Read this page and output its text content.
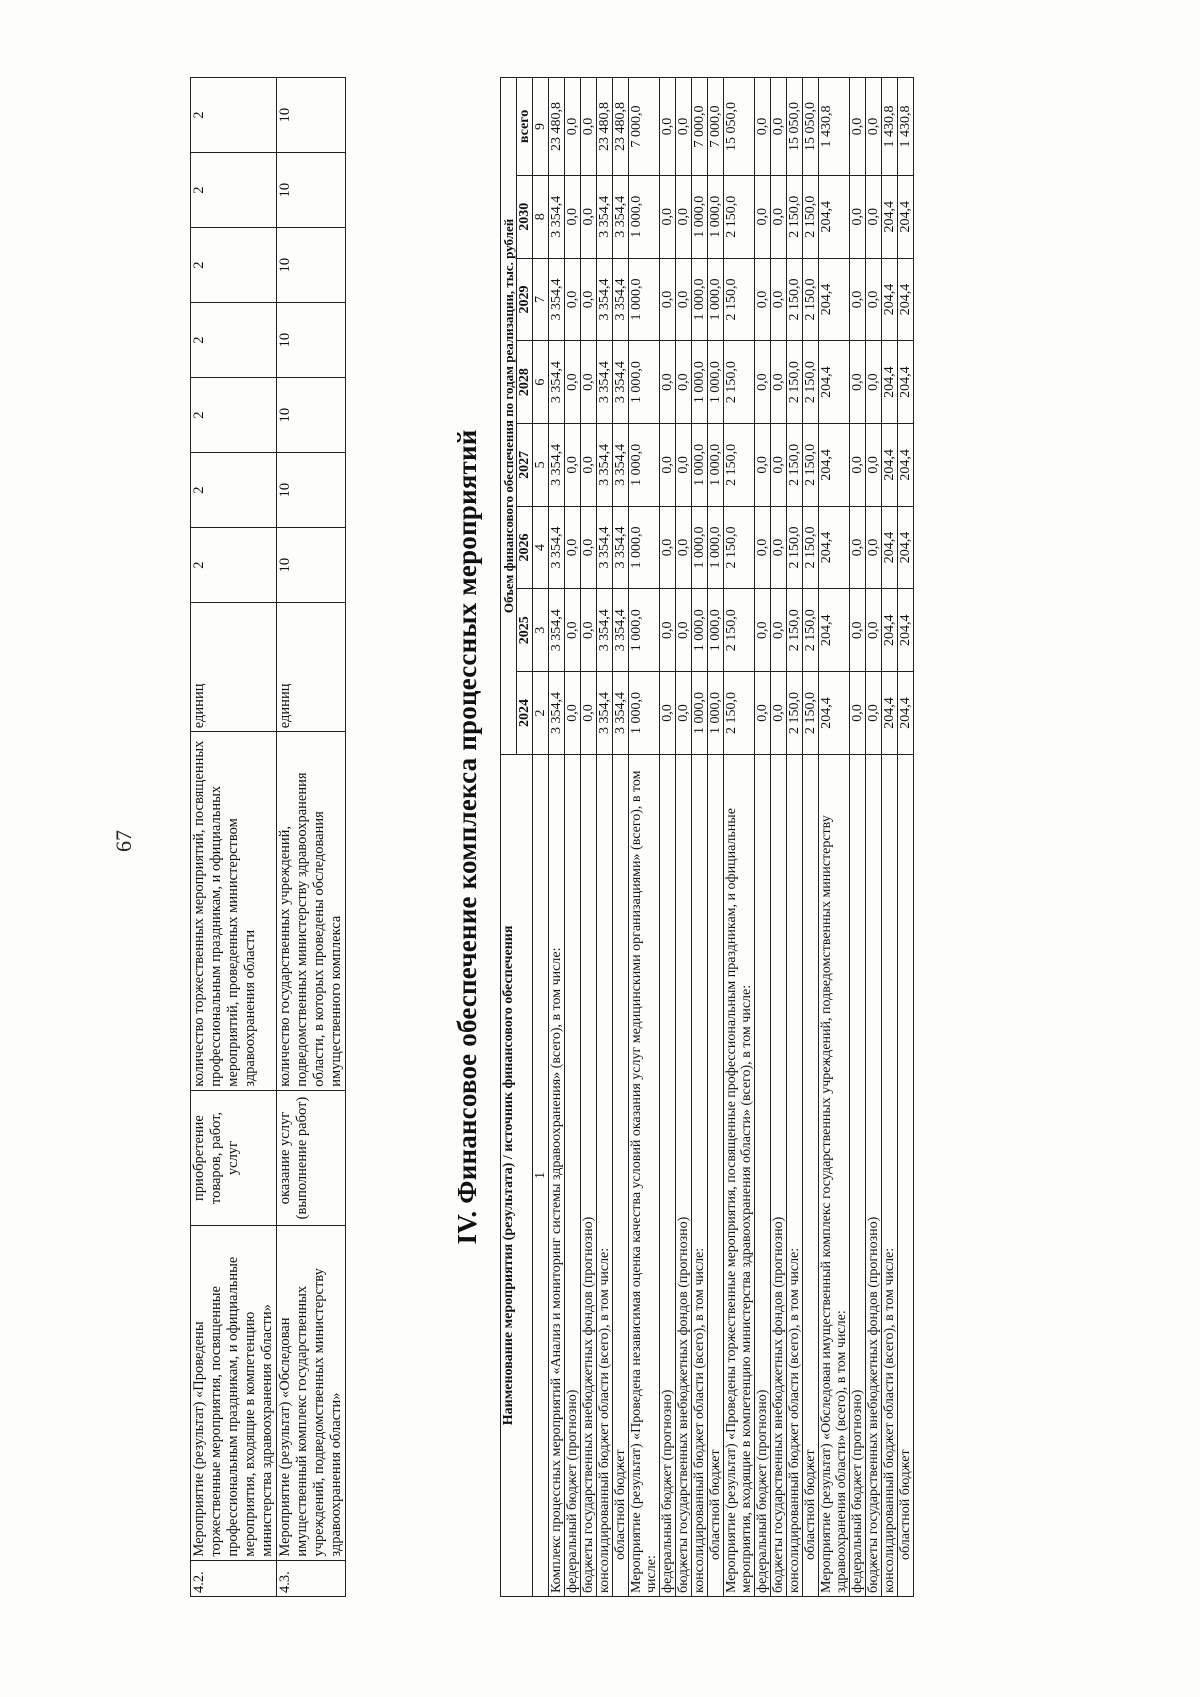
67
4.2.	Мероприятие (результат) «Проведены торжественные мероприятия, посвященные профессиональным праздникам, и официальные мероприятия, входящие в компетенцию министерства здравоохранения области»	приобретение товаров, работ, услуг	количество торжественных мероприятий, посвященных профессиональным праздникам, и официальных мероприятий, проведенных министерством здравоохранения области	единиц	2	2	2	2	2	2	2
4.3.	Мероприятие (результат) «Обследован имущественный комплекс государственных учреждений, подведомственных министерству здравоохранения области»	оказание услуг (выполнение работ)	количество государственных учреждений, подведомственных министерству здравоохранения области, в которых проведены обследования имущественного комплекса	единиц	10	10	10	10	10	10	10
IV. Финансовое обеспечение комплекса процессных мероприятий Наименование мероприятия (результата) / источник финансового обеспечения	Объем финансового обеспечения по годам реализации, тыс. рублей							
	2024	2025	2026	2027	2028	2029	2030	всего
1	2	3	4	5	6	7	8	9
Комплекс процессных мероприятий «Анализ и мониторинг системы здравоохранения» (всего), в том числе:	3 354,4	3 354,4	3 354,4	3 354,4	3 354,4	3 354,4	3 354,4	23 480,8
федеральный бюджет (прогнозно)	0,0	0,0	0,0	0,0	0,0	0,0	0,0	0,0
бюджеты государственных внебюджетных фондов (прогнозно)	0,0	0,0	0,0	0,0	0,0	0,0	0,0	0,0
консолидированный бюджет области (всего), в том числе:	3 354,4	3 354,4	3 354,4	3 354,4	3 354,4	3 354,4	3 354,4	23 480,8
областной бюджет	3 354,4	3 354,4	3 354,4	3 354,4	3 354,4	3 354,4	3 354,4	23 480,8
Мероприятие (результат) «Проведена независимая оценка качества условий оказания услуг медицинскими организациями» (всего), в том числе:	1 000,0	1 000,0	1 000,0	1 000,0	1 000,0	1 000,0	1 000,0	7 000,0
федеральный бюджет (прогнозно)	0,0	0,0	0,0	0,0	0,0	0,0	0,0	0,0
бюджеты государственных внебюджетных фондов (прогнозно)	0,0	0,0	0,0	0,0	0,0	0,0	0,0	0,0
консолидированный бюджет области (всего), в том числе:	1 000,0	1 000,0	1 000,0	1 000,0	1 000,0	1 000,0	1 000,0	7 000,0
областной бюджет	1 000,0	1 000,0	1 000,0	1 000,0	1 000,0	1 000,0	1 000,0	7 000,0
Мероприятие (результат) «Проведены торжественные мероприятия, посвященные профессиональным праздникам, и официальные мероприятия, входящие в компетенцию министерства здравоохранения области» (всего), в том числе:	2 150,0	2 150,0	2 150,0	2 150,0	2 150,0	2 150,0	2 150,0	15 050,0
федеральный бюджет (прогнозно)	0,0	0,0	0,0	0,0	0,0	0,0	0,0	0,0
бюджеты государственных внебюджетных фондов (прогнозно)	0,0	0,0	0,0	0,0	0,0	0,0	0,0	0,0
консолидированный бюджет области (всего), в том числе:	2 150,0	2 150,0	2 150,0	2 150,0	2 150,0	2 150,0	2 150,0	15 050,0
областной бюджет	2 150,0	2 150,0	2 150,0	2 150,0	2 150,0	2 150,0	2 150,0	15 050,0
Мероприятие (результат) «Обследован имущественный комплекс государственных учреждений, подведомственных министерству здравоохранения области» (всего), в том числе:	204,4	204,4	204,4	204,4	204,4	204,4	204,4	1 430,8
федеральный бюджет (прогнозно)	0,0	0,0	0,0	0,0	0,0	0,0	0,0	0,0
бюджеты государственных внебюджетных фондов (прогнозно)	0,0	0,0	0,0	0,0	0,0	0,0	0,0	0,0
консолидированный бюджет области (всего), в том числе:	204,4	204,4	204,4	204,4	204,4	204,4	204,4	1 430,8
областной бюджет	204,4	204,4	204,4	204,4	204,4	204,4	204,4	1 430,8
